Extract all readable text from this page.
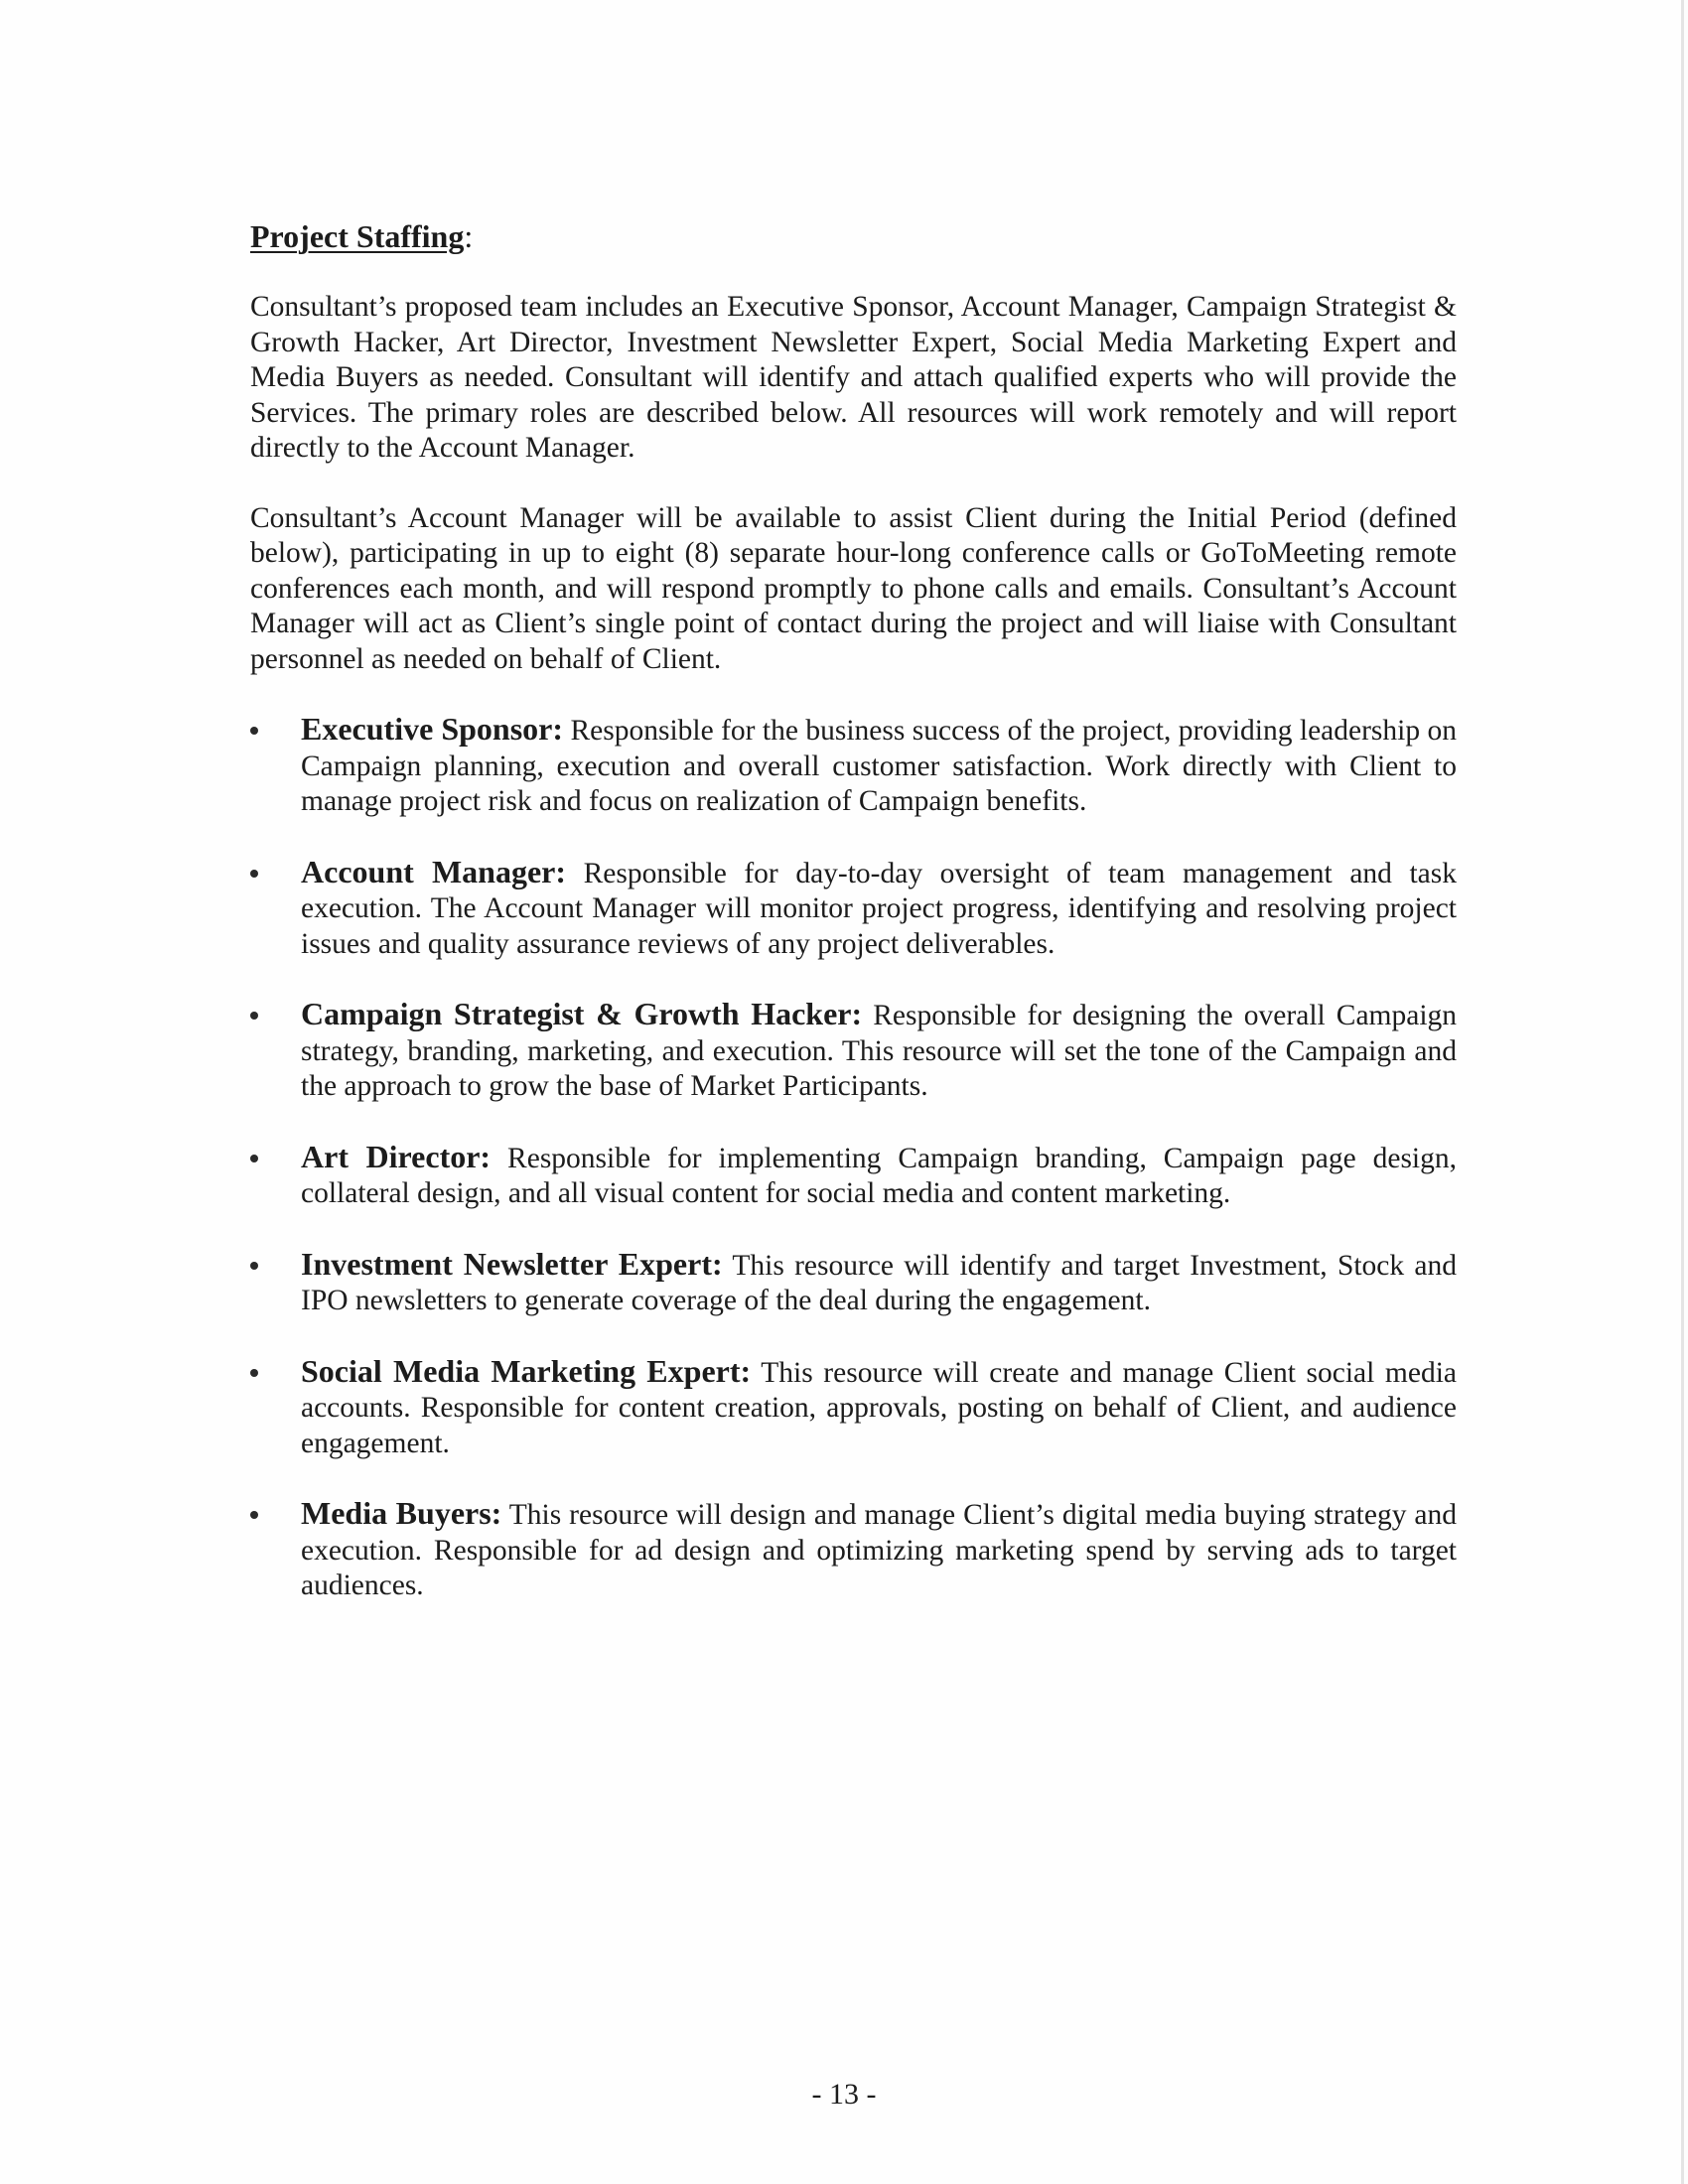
Project Staffing:

Consultant’s proposed team includes an Executive Sponsor, Account Manager, Campaign Strategist & Growth Hacker, Art Director, Investment Newsletter Expert, Social Media Marketing Expert and Media Buyers as needed. Consultant will identify and attach qualified experts who will provide the Services. The primary roles are described below. All resources will work remotely and will report directly to the Account Manager.

Consultant’s Account Manager will be available to assist Client during the Initial Period (defined below), participating in up to eight (8) separate hour-long conference calls or GoToMeeting remote conferences each month, and will respond promptly to phone calls and emails. Consultant’s Account Manager will act as Client’s single point of contact during the project and will liaise with Consultant personnel as needed on behalf of Client.

Executive Sponsor: Responsible for the business success of the project, providing leadership on Campaign planning, execution and overall customer satisfaction. Work directly with Client to manage project risk and focus on realization of Campaign benefits.
Account Manager: Responsible for day-to-day oversight of team management and task execution. The Account Manager will monitor project progress, identifying and resolving project issues and quality assurance reviews of any project deliverables.
Campaign Strategist & Growth Hacker: Responsible for designing the overall Campaign strategy, branding, marketing, and execution. This resource will set the tone of the Campaign and the approach to grow the base of Market Participants.
Art Director: Responsible for implementing Campaign branding, Campaign page design, collateral design, and all visual content for social media and content marketing.
Investment Newsletter Expert: This resource will identify and target Investment, Stock and IPO newsletters to generate coverage of the deal during the engagement.
Social Media Marketing Expert: This resource will create and manage Client social media accounts. Responsible for content creation, approvals, posting on behalf of Client, and audience engagement.
Media Buyers: This resource will design and manage Client’s digital media buying strategy and execution. Responsible for ad design and optimizing marketing spend by serving ads to target audiences.
- 13 -
